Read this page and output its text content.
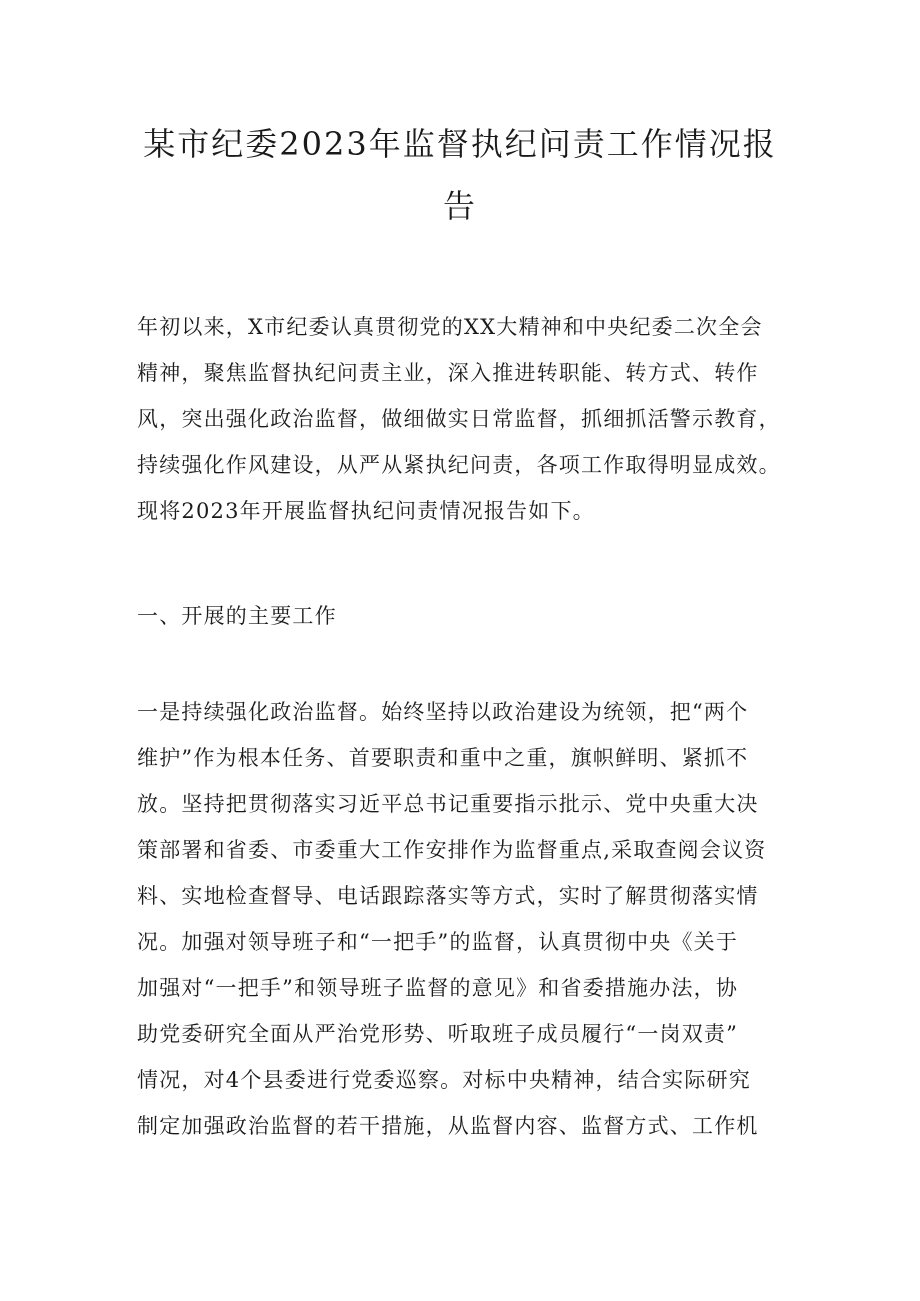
某市纪委2023年监督执纪问责工作情况报
告

年初以来，X市纪委认真贯彻党的XX大精神和中央纪委二次全会

精神，聚焦监督执纪问责主业，深入推进转职能、转方式、转作

风，突出强化政治监督，做细做实日常监督，抓细抓活警示教育，

持续强化作风建设，从严从紧执纪问责，各项工作取得明显成效。

现将2023年开展监督执纪问责情况报告如下。

一、开展的主要工作

一是持续强化政治监督。始终坚持以政治建设为统领，把“两个

维护”作为根本任务、首要职责和重中之重，旗帜鲜明、紧抓不

放。坚持把贯彻落实习近平总书记重要指示批示、党中央重大决

策部署和省委、市委重大工作安排作为监督重点,采取查阅会议资

料、实地检查督导、电话跟踪落实等方式，实时了解贯彻落实情

况。加强对领导班子和“一把手”的监督，认真贯彻中央《关于

加强对“一把手”和领导班子监督的意见》和省委措施办法，协

助党委研究全面从严治党形势、听取班子成员履行“一岗双责”

情况，对4个县委进行党委巡察。对标中央精神，结合实际研究

制定加强政治监督的若干措施，从监督内容、监督方式、工作机
